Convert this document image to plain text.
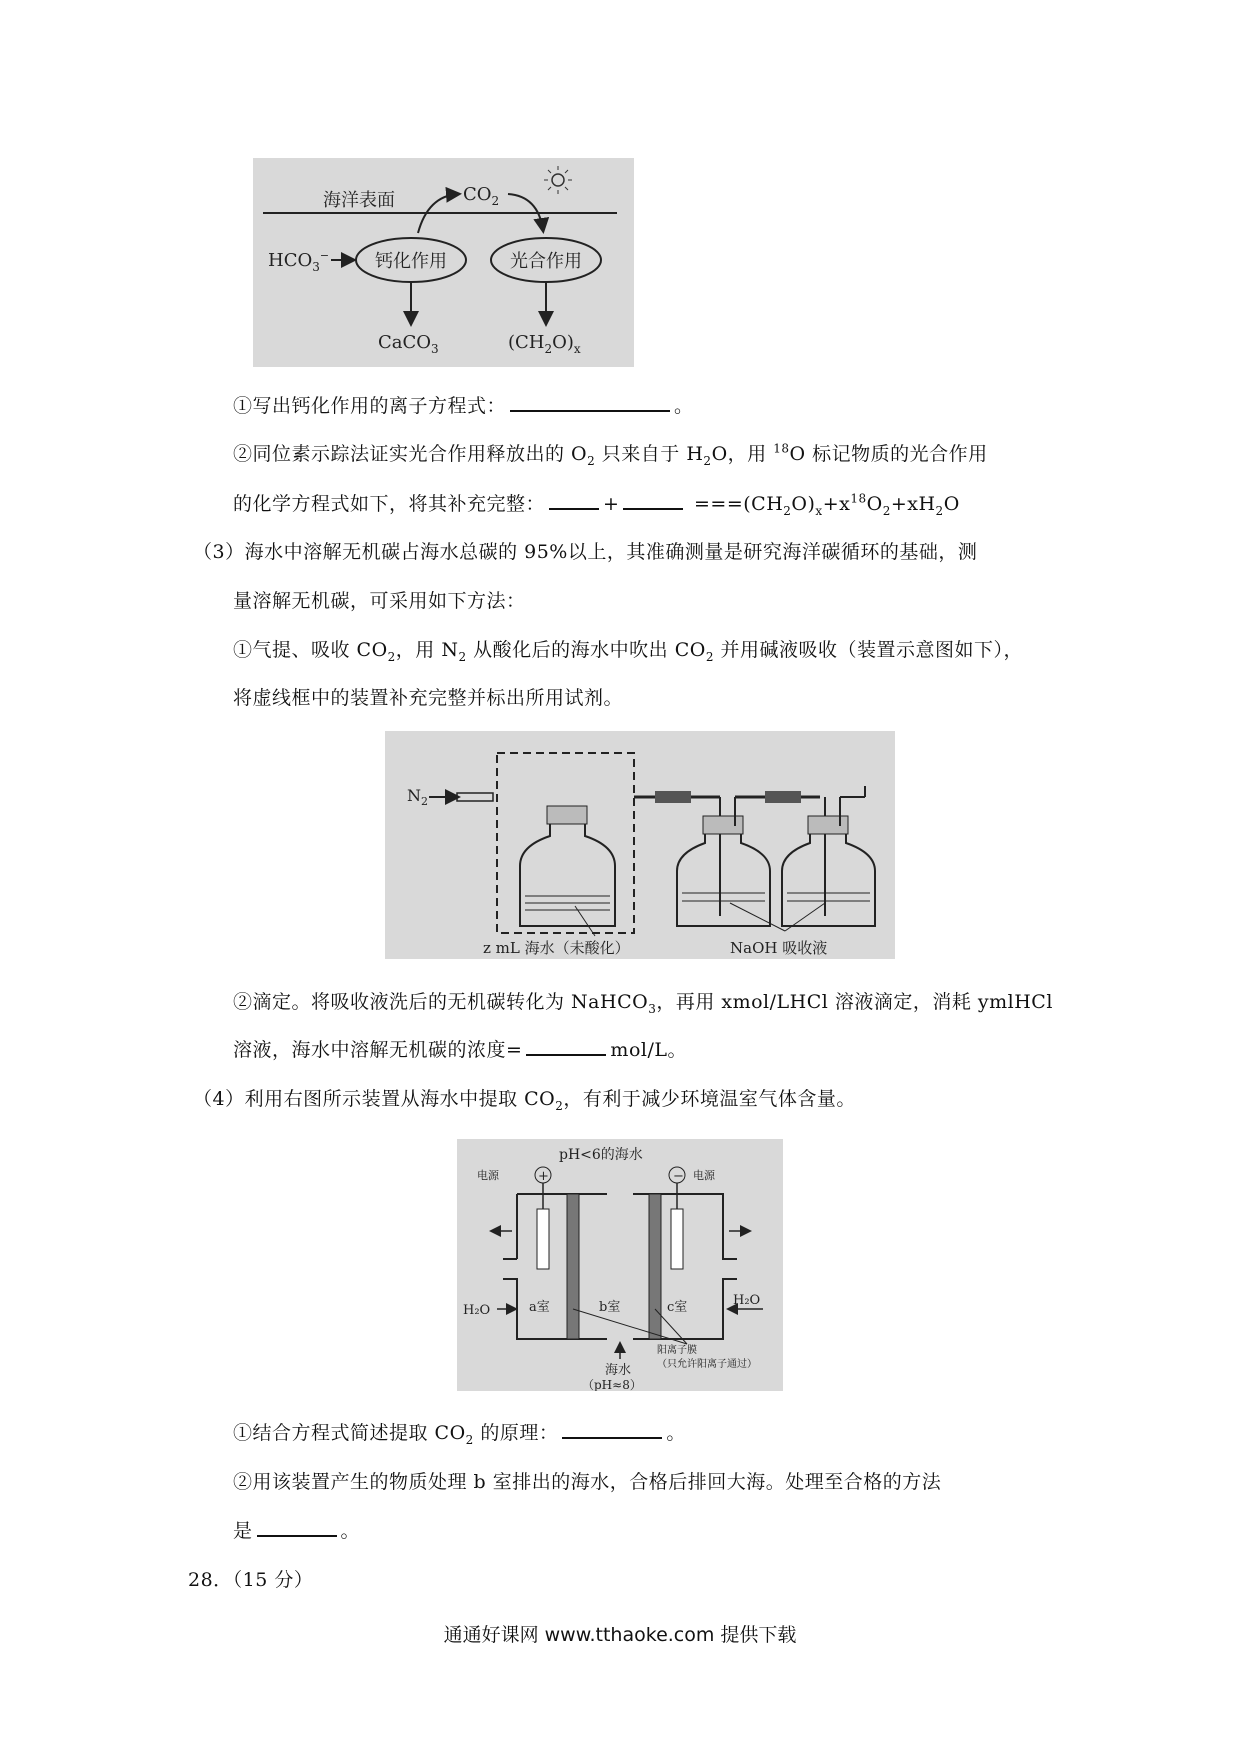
海洋表面	$CO_2$
$HCO_3^-$	钙化作用	光合作用
CaCO$_3$	$(CH_2O)_x$
①写出钙化作用的离子方程式：	。
②同位素示踪法证实光合作用释放出的 $O_2$ 只来自于 $H_2O$，用 $^{18}$O 标记物质的光合作用
的化学方程式如下，将其补充完整：	+	$===(CH_2O)_x+x^{18}O_2+xH_2O$
（3）海水中溶解无机碳占海水总碳的 95%以上，其准确测量是研究海洋碳循环的基础，测
量溶解无机碳，可采用如下方法：
①气提、吸收 $CO_2$，用 $N_2$ 从酸化后的海水中吹出 $CO_2$ 并用碱液吸收（装置示意图如下），
将虚线框中的装置补充完整并标出所用试剂。
$N_2$
z mL 海水（未酸化）	NaOH 吸收液
②滴定。将吸收液洗后的无机碳转化为 NaHCO$_3$，再用 xmol/LHCl 溶液滴定，消耗 ymlHCl
溶液，海水中溶解无机碳的浓度=	mol/L。
（4）利用右图所示装置从海水中提取 $CO_2$，有利于减少环境温室气体含量。
pH<6的海水
电源	+	− 电源
H₂O
H₂O
a室	b室	c室
阳离子膜
（只允许阳离子通过）
海水
（pH≈8）
①结合方程式简述提取 $CO_2$ 的原理：	。
②用该装置产生的物质处理 b 室排出的海水，合格后排回大海。处理至合格的方法
是	。
28．（15 分）
通通好课网 www.tthaoke.com 提供下载
